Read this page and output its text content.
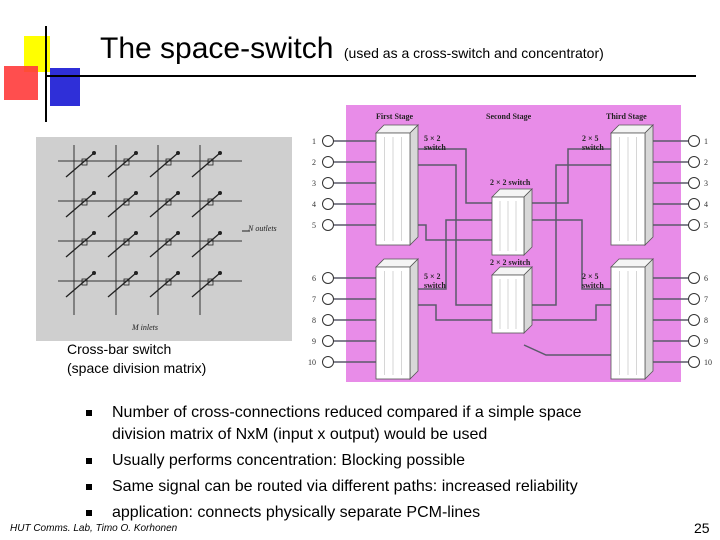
The space-switch (used as a cross-switch and concentrator)
N outlets
M inlets
Cross-bar switch
(space division matrix)
First Stage	Second Stage	Third Stage
5 × 2
switch
5 × 2
switch
2 × 2 switch
2 × 2 switch
2 × 5
switch
2 × 5
switch
1	1
2	2
3	3
4	4
5	5
6	6
7	7
8	8
9	9
10	10
Number of cross-connections reduced compared if a simple space
division matrix of NxM (input x output) would be used
Usually performs concentration: Blocking possible
Same signal can be routed via different paths: increased reliability
application: connects physically separate PCM-lines
HUT Comms. Lab, Timo O. Korhonen	25
